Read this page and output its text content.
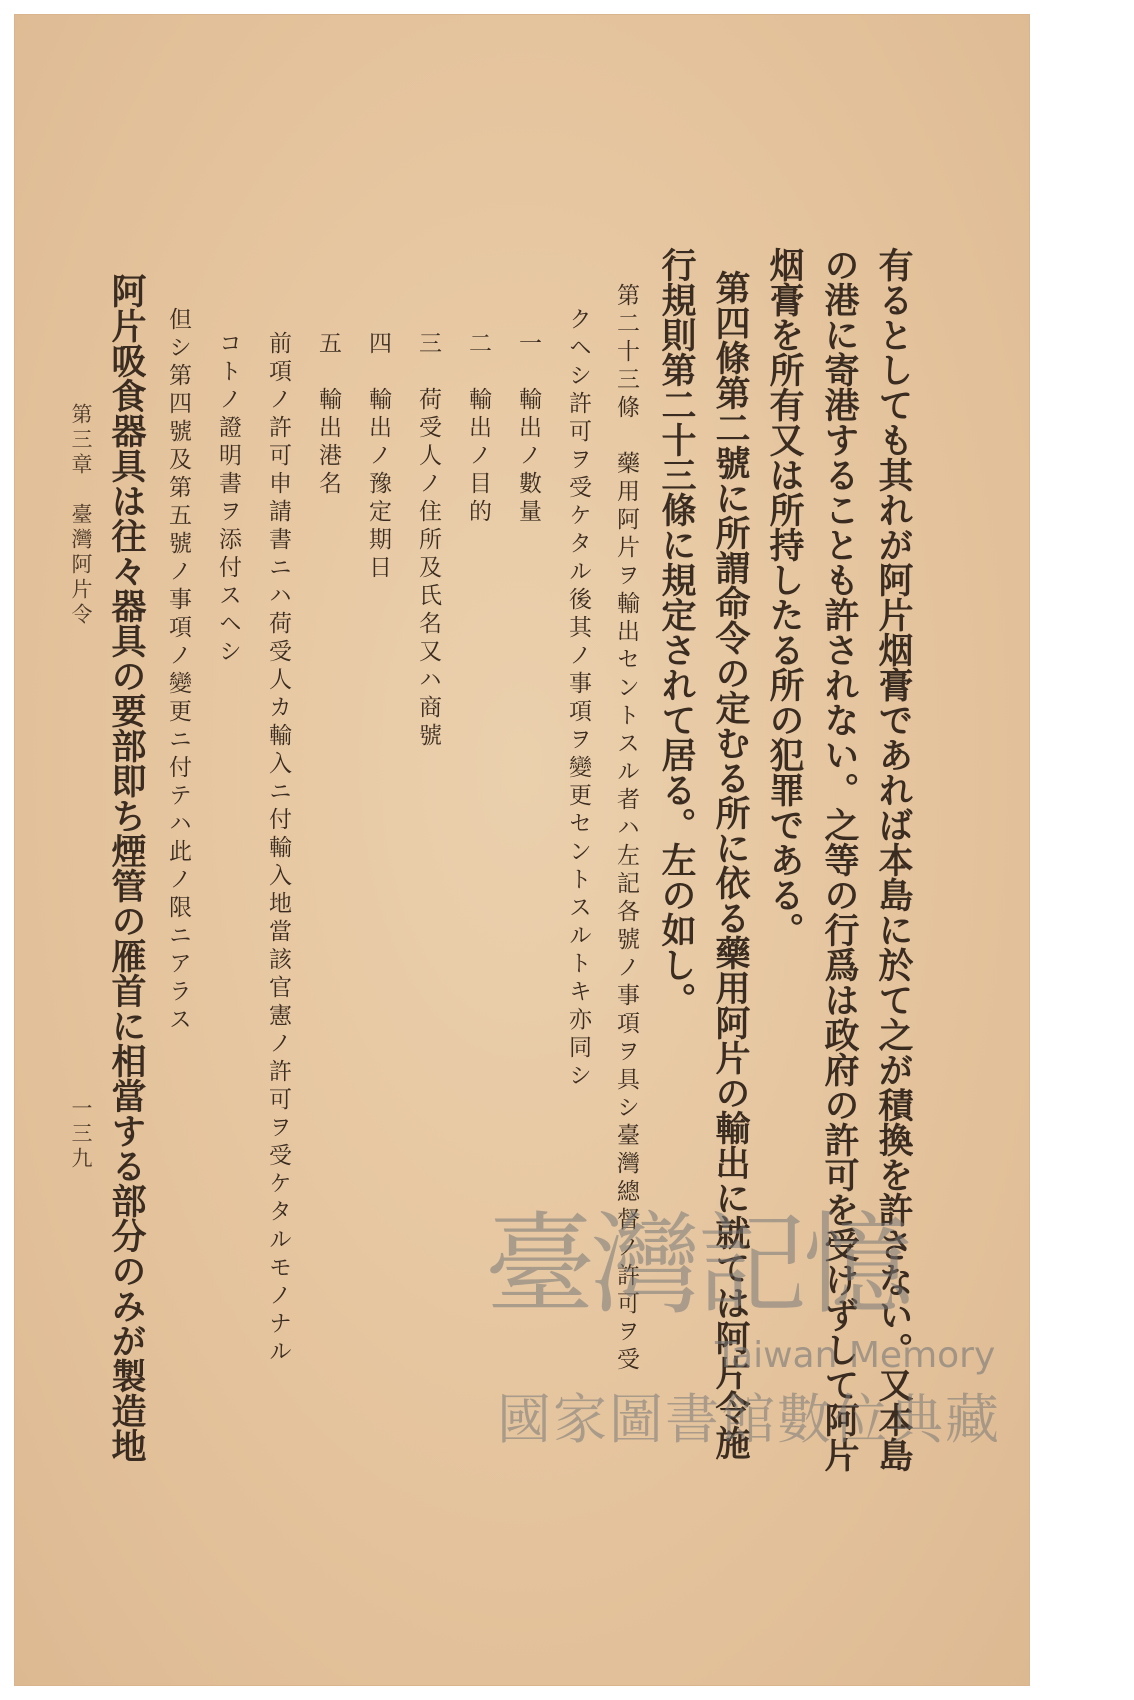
有るとしても其れが阿片烟膏であれば本島に於て之が積換を許さない。又本島
の港に寄港することも許されない。之等の行爲は政府の許可を受けずして阿片
烟膏を所有又は所持したる所の犯罪である。
第四條第二號に所謂命令の定むる所に依る藥用阿片の輸出に就ては阿片令施
行規則第二十三條に規定されて居る。左の如し。
第二十三條　藥用阿片ヲ輸出セントスル者ハ左記各號ノ事項ヲ具シ臺灣總督ノ許可ヲ受
クヘシ許可ヲ受ケタル後其ノ事項ヲ變更セントスルトキ亦同シ
一　輸出ノ數量
二　輸出ノ目的
三　荷受人ノ住所及氏名又ハ商號
四　輸出ノ豫定期日
五　輸出港名
前項ノ許可申請書ニハ荷受人カ輸入ニ付輸入地當該官憲ノ許可ヲ受ケタルモノナル
コトノ證明書ヲ添付スヘシ
但シ第四號及第五號ノ事項ノ變更ニ付テハ此ノ限ニアラス
阿片吸食器具は往々器具の要部即ち煙管の雁首に相當する部分のみが製造地
第三章　臺灣阿片令
一三九
臺灣記憶
Taiwan Memory
國家圖書館數位典藏
